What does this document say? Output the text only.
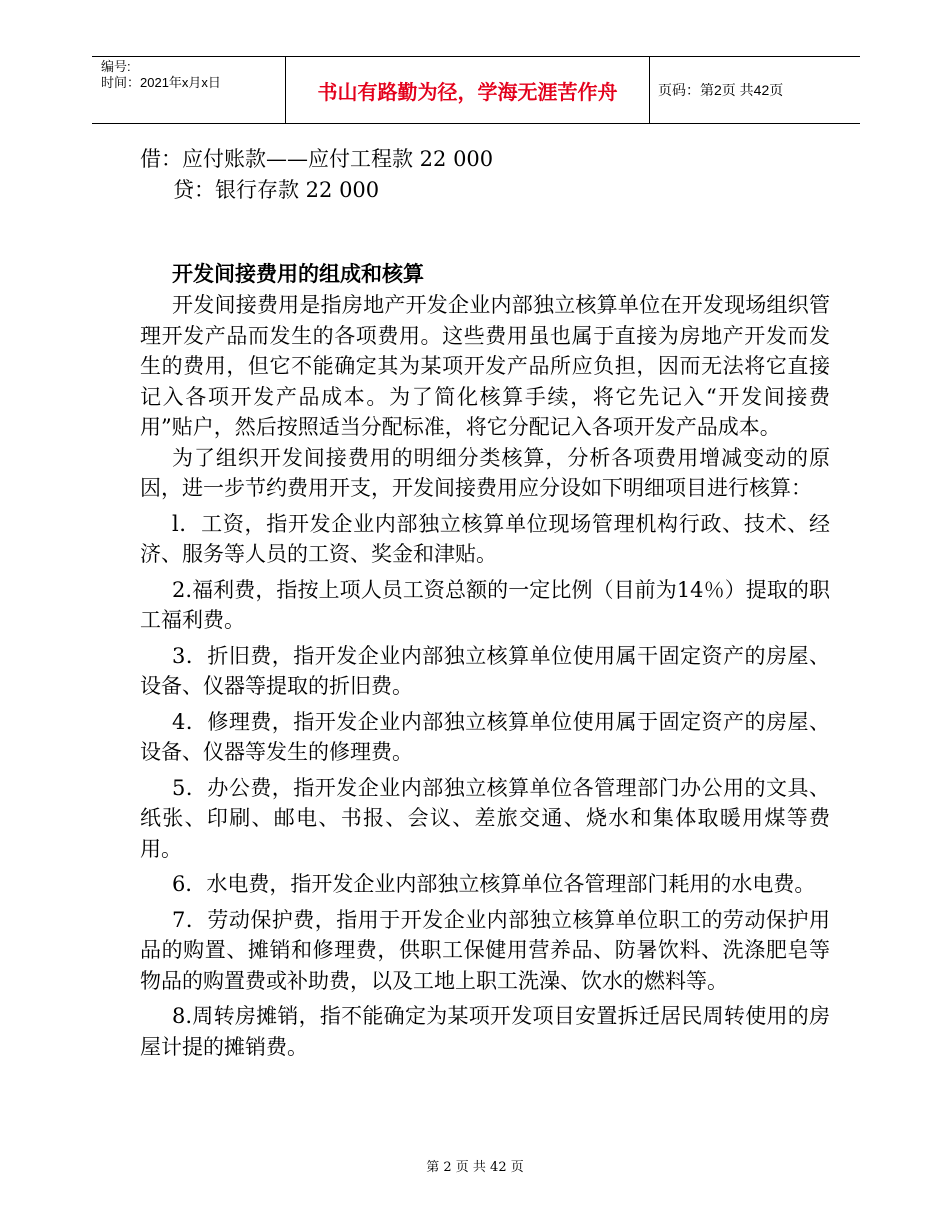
编号:
时间：2021年x月x日	书山有路勤为径，学海无涯苦作舟	页码：第2页 共42页
借：应付账款——应付工程款 22 000
贷：银行存款 22 000
开发间接费用的组成和核算

开发间接费用是指房地产开发企业内部独立核算单位在开发现场组织管理开发产品而发生的各项费用。这些费用虽也属于直接为房地产开发而发生的费用，但它不能确定其为某项开发产品所应负担，因而无法将它直接记入各项开发产品成本。为了简化核算手续，将它先记入“开发间接费用”贴户，然后按照适当分配标准，将它分配记入各项开发产品成本。

为了组织开发间接费用的明细分类核算，分析各项费用增减变动的原因，进一步节约费用开支，开发间接费用应分设如下明细项目进行核算：

l．工资，指开发企业内部独立核算单位现场管理机构行政、技术、经济、服务等人员的工资、奖金和津贴。

2.福利费，指按上项人员工资总额的一定比例（目前为14％）提取的职工福利费。

3．折旧费，指开发企业内部独立核算单位使用属干固定资产的房屋、设备、仪器等提取的折旧费。

4．修理费，指开发企业内部独立核算单位使用属于固定资产的房屋、设备、仪器等发生的修理费。

5．办公费，指开发企业内部独立核算单位各管理部门办公用的文具、纸张、印刷、邮电、书报、会议、差旅交通、烧水和集体取暖用煤等费用。

6．水电费，指开发企业内部独立核算单位各管理部门耗用的水电费。

7．劳动保护费，指用于开发企业内部独立核算单位职工的劳动保护用品的购置、摊销和修理费，供职工保健用营养品、防暑饮料、洗涤肥皂等物品的购置费或补助费，以及工地上职工洗澡、饮水的燃料等。

8.周转房摊销，指不能确定为某项开发项目安置拆迁居民周转使用的房屋计提的摊销费。

第 2 页 共 42 页
